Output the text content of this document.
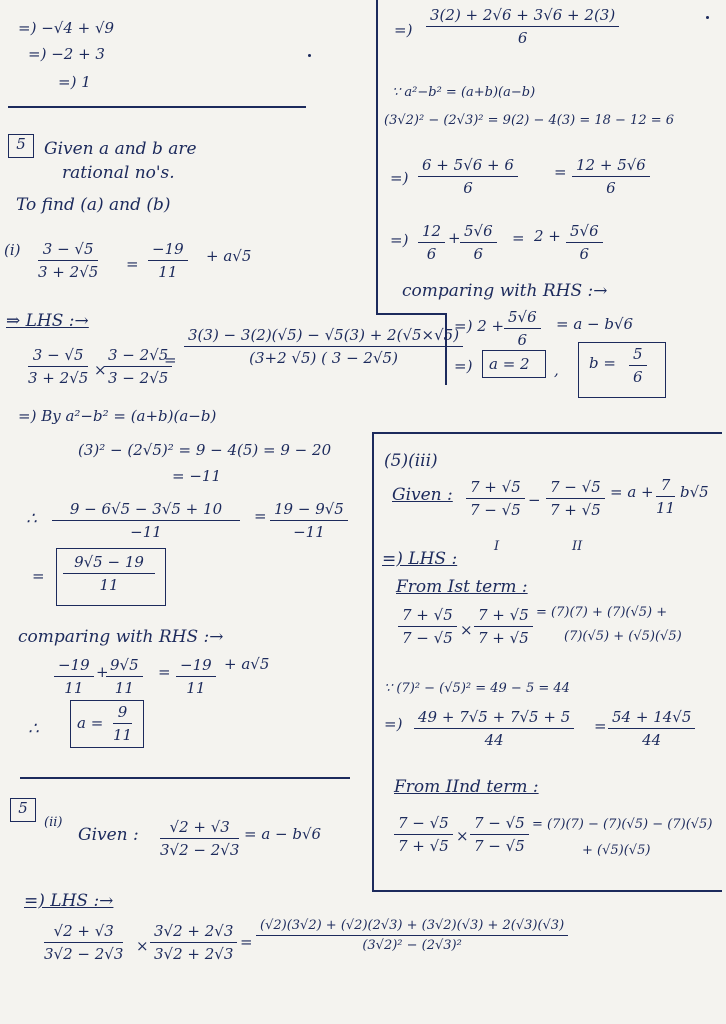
=) −√4 + √9
=) −2 + 3
=) 1
5	Given a and b are
rational no's.
To find (a) and (b)
$(i) \frac{3 - √5}{3 + 2√5} = \frac{-19}{11} + a√5$
⇒ LHS :→
$\frac{3 - √5}{3 + 2√5}$ ×
$\frac{3 - 2√5}{3 - 2√5}$
= $\frac{3(3) - 3(2)(√5) - √5(3) + 2(√5\times√5)}{(3+2 √5) ( 3 - 2√5)}$
=) By a²−b² = (a+b)(a−b)
(3)² − (2√5)² = 9 − 4(5) = 9 − 20
= −11
∴ $\frac{9 - 6√5 - 3√5 + 10}{-11} = \frac{19 - 9√5}{-11}$
= $\frac{9√5 - 19}{11}$
comparing with RHS :→
$\frac{-19}{11}$ +
$\frac{9√5}{11} = \frac{-19}{11} + a√5$
∴	$a = \frac{9}{11}$
5
(ii)
Given : $\frac{√2 + √3}{3√2 - 2√3} = a - b√6$
=) LHS :→
$\frac{√2 + √3}{3√2 - 2√3} \times \frac{3√2 + 2√3}{3√2 + 2√3} = \frac{(√2)(3√2) + (√2)(2√3) + (3√2)(√3) + 2(√3)(√3)}{\text{(3√2)² − (2√3)²}}$
=) $\frac{3(2) + 2√6 + 3√6 + 2(3)}{6}$
∵ a²−b² = (a+b)(a−b)
(3√2)² − (2√3)² = 9(2) − 4(3) = 18 − 12 = 6
=) $\frac{6 + 5√6 + 6}{6} = \frac{12 + 5√6}{6}$
=) $\frac{12}{6} + \frac{5√6}{6} = 2 + \frac{5√6}{6}$
comparing with RHS :→
=) $2 + \frac{5√6}{6} = a - b√6$
=) a = 2 , $b = \frac{5}{6}$
(5)(iii)
Given : $\frac{7 + √5}{7 - √5} - \frac{7 - √5}{7 + √5} = a + \frac{7}{11} b√5$
I	II
=) LHS :
From Ist term :
$\frac{7 + √5}{7 - √5} \times \frac{7 + √5}{7 + √5} = (7)(7) + (7)(√5)$ +
(7)(√5) + (√5)(√5)
∵ (7)² − (√5)² = 49 − 5 = 44
=) $\frac{49 + 7√5 + 7√5 + 5}{44} = \frac{54 + 14√5}{44}$
From IInd term :
$\frac{7 - √5}{7 + √5} \times \frac{7 - √5}{7 - √5} = (7)(7) - (7)(√5) - (7)(√5)$
+ (√5)(√5)
